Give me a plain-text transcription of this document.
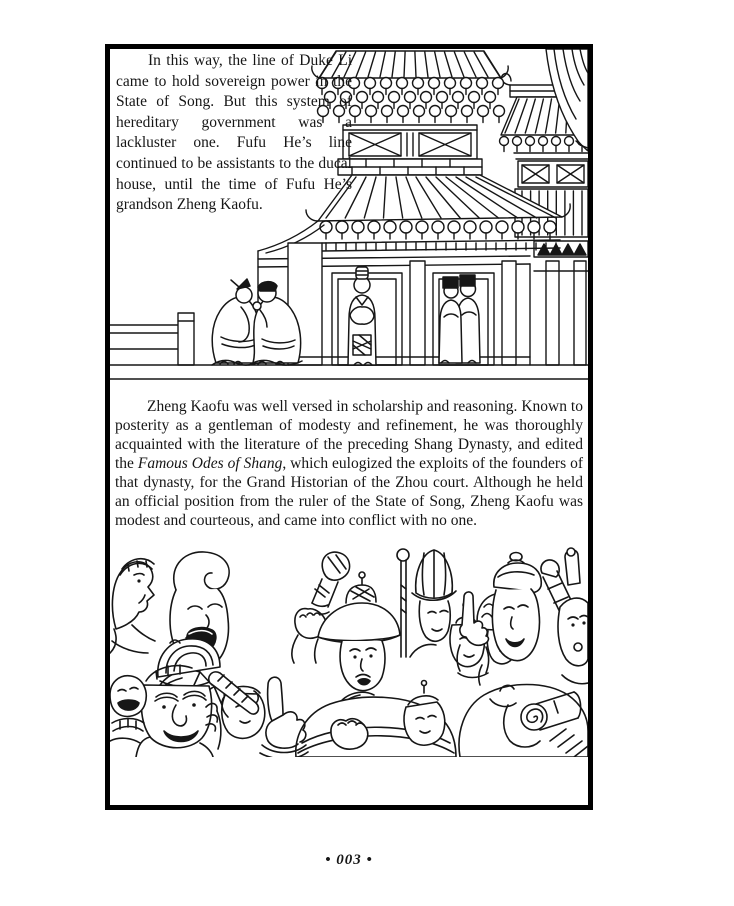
In this way, the line of Duke Li came to hold sovereign power in the State of Song. But this system of hereditary government was a lackluster one. Fufu He’s line continued to be assistants to the ducal house, until the time of Fufu He’s grandson Zheng Kaofu.

Zheng Kaofu was well versed in scholarship and reasoning. Known to posterity as a gentleman of modesty and refinement, he was thoroughly acquainted with the literature of the preceding Shang Dynasty, and edited the Famous Odes of Shang, which eulogized the exploits of the founders of that dynasty, for the Grand Historian of the Zhou court. Although he held an official position from the ruler of the State of Song, Zheng Kaofu was modest and courteous, and came into conflict with no one.

• 003 •
